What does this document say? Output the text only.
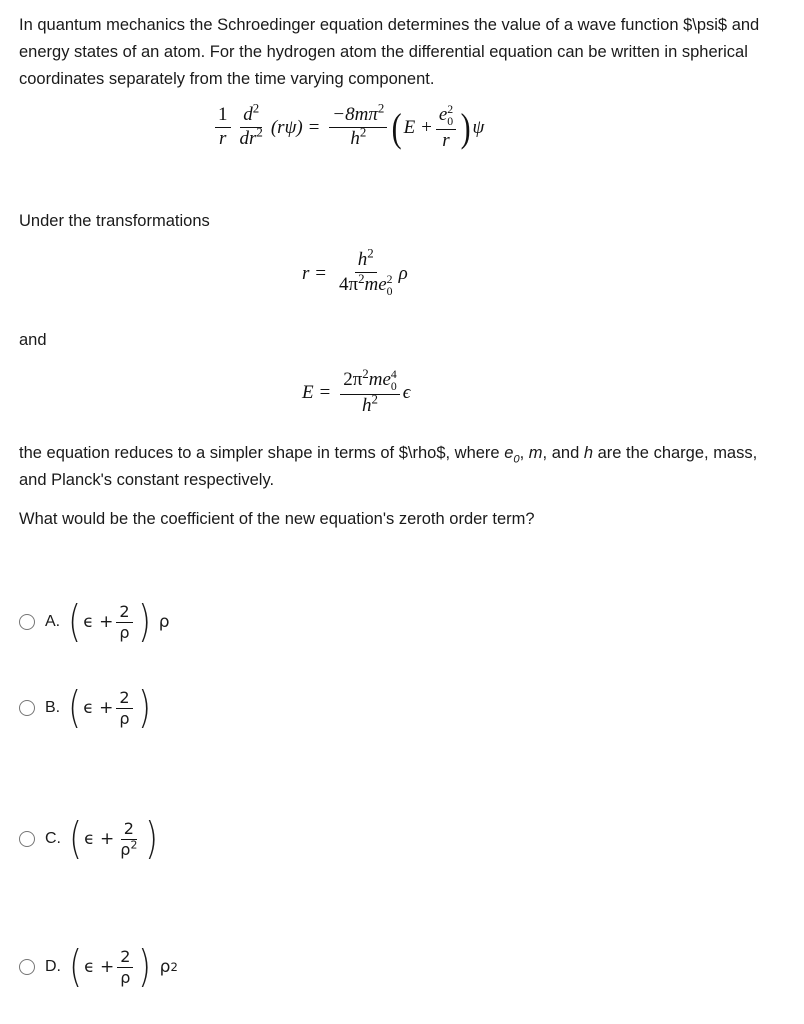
In quantum mechanics the Schroedinger equation determines the value of a wave function $\psi$ and energy states of an atom. For the hydrogen atom the differential equation can be written in spherical coordinates separately from the time varying component.
$\frac{1}{r} \frac{d^2}{dr^2} (r\psi) = \frac{-8m\pi^2}{h^2}$ ( E + e 2
0
r ) ψ
Under the transformations
$r = h^2$
$4\pi^2me$ 2
0 ρ
and
$E = 2\pi^2me$ 4
0
$h^2$ ϵ
the equation reduces to a simpler shape in terms of $\rho$, where $e_0$, m, and h are the charge, mass, and Planck's constant respectively.
What would be the coefficient of the new equation's zeroth order term?
A. ( $\epsilon + \frac{2}{\rho}$ ) ρ
B. ( $\epsilon + \frac{2}{\rho}$ )
C. ( $\epsilon + \frac{2}{\rho^2}$ )
D. ( $\epsilon + \frac{2}{\rho}$ ) ρ 2
